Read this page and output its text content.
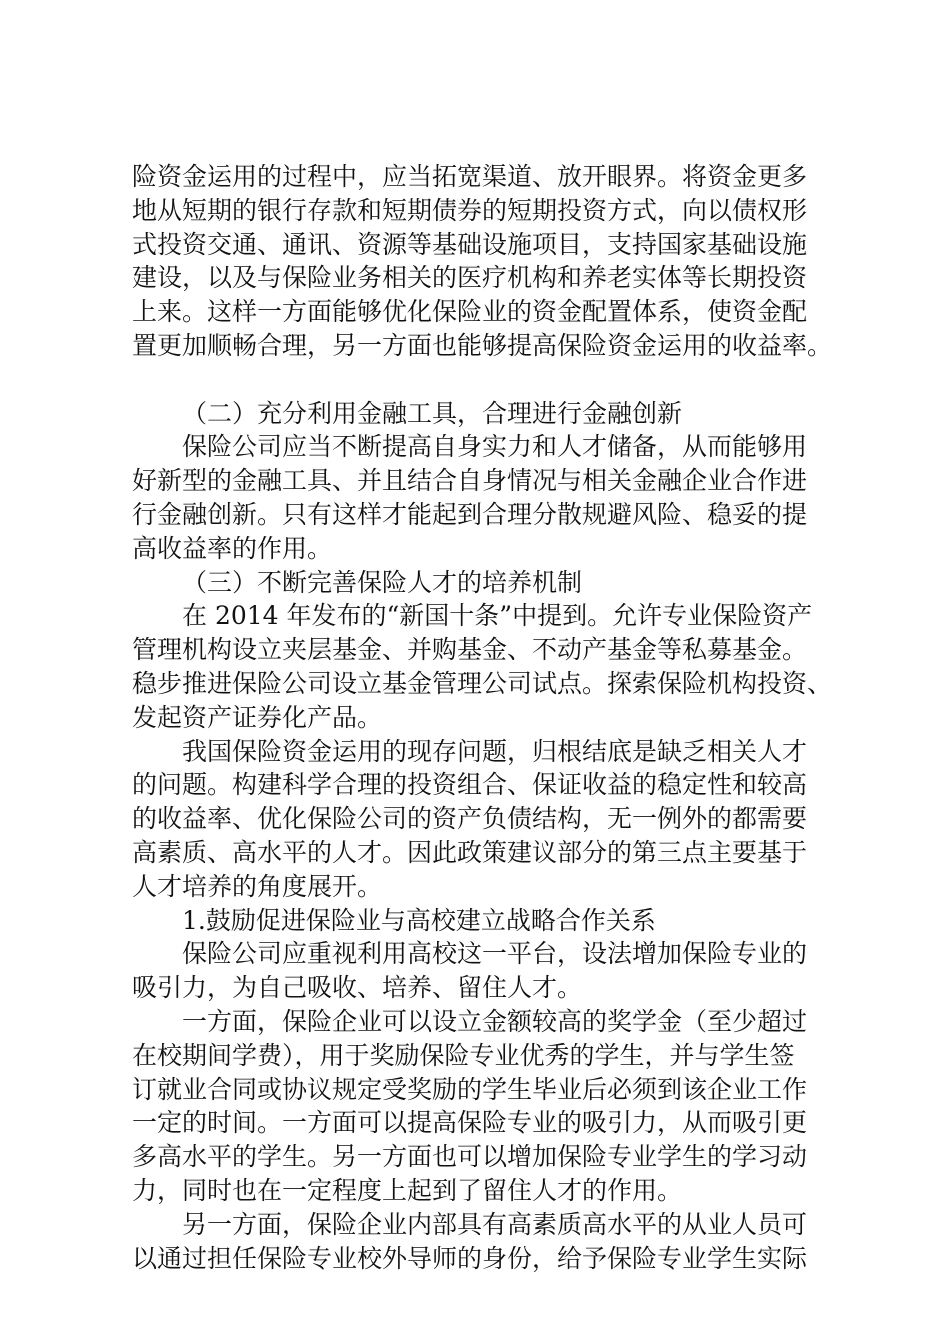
险资金运用的过程中，应当拓宽渠道、放开眼界。将资金更多
地从短期的银行存款和短期债券的短期投资方式，向以债权形
式投资交通、通讯、资源等基础设施项目，支持国家基础设施
建设，以及与保险业务相关的医疗机构和养老实体等长期投资
上来。这样一方面能够优化保险业的资金配置体系，使资金配
置更加顺畅合理，另一方面也能够提高保险资金运用的收益率。
（二）充分利用金融工具，合理进行金融创新
保险公司应当不断提高自身实力和人才储备，从而能够用
好新型的金融工具、并且结合自身情况与相关金融企业合作进
行金融创新。只有这样才能起到合理分散规避风险、稳妥的提
高收益率的作用。
（三）不断完善保险人才的培养机制
在 2014 年发布的“新国十条”中提到。允许专业保险资产
管理机构设立夹层基金、并购基金、不动产基金等私募基金。
稳步推进保险公司设立基金管理公司试点。探索保险机构投资、
发起资产证券化产品。
我国保险资金运用的现存问题，归根结底是缺乏相关人才
的问题。构建科学合理的投资组合、保证收益的稳定性和较高
的收益率、优化保险公司的资产负债结构，无一例外的都需要
高素质、高水平的人才。因此政策建议部分的第三点主要基于
人才培养的角度展开。
1.鼓励促进保险业与高校建立战略合作关系
保险公司应重视利用高校这一平台，设法增加保险专业的
吸引力，为自己吸收、培养、留住人才。
一方面，保险企业可以设立金额较高的奖学金（至少超过
在校期间学费），用于奖励保险专业优秀的学生，并与学生签
订就业合同或协议规定受奖励的学生毕业后必须到该企业工作
一定的时间。一方面可以提高保险专业的吸引力，从而吸引更
多高水平的学生。另一方面也可以增加保险专业学生的学习动
力，同时也在一定程度上起到了留住人才的作用。
另一方面，保险企业内部具有高素质高水平的从业人员可
以通过担任保险专业校外导师的身份，给予保险专业学生实际
